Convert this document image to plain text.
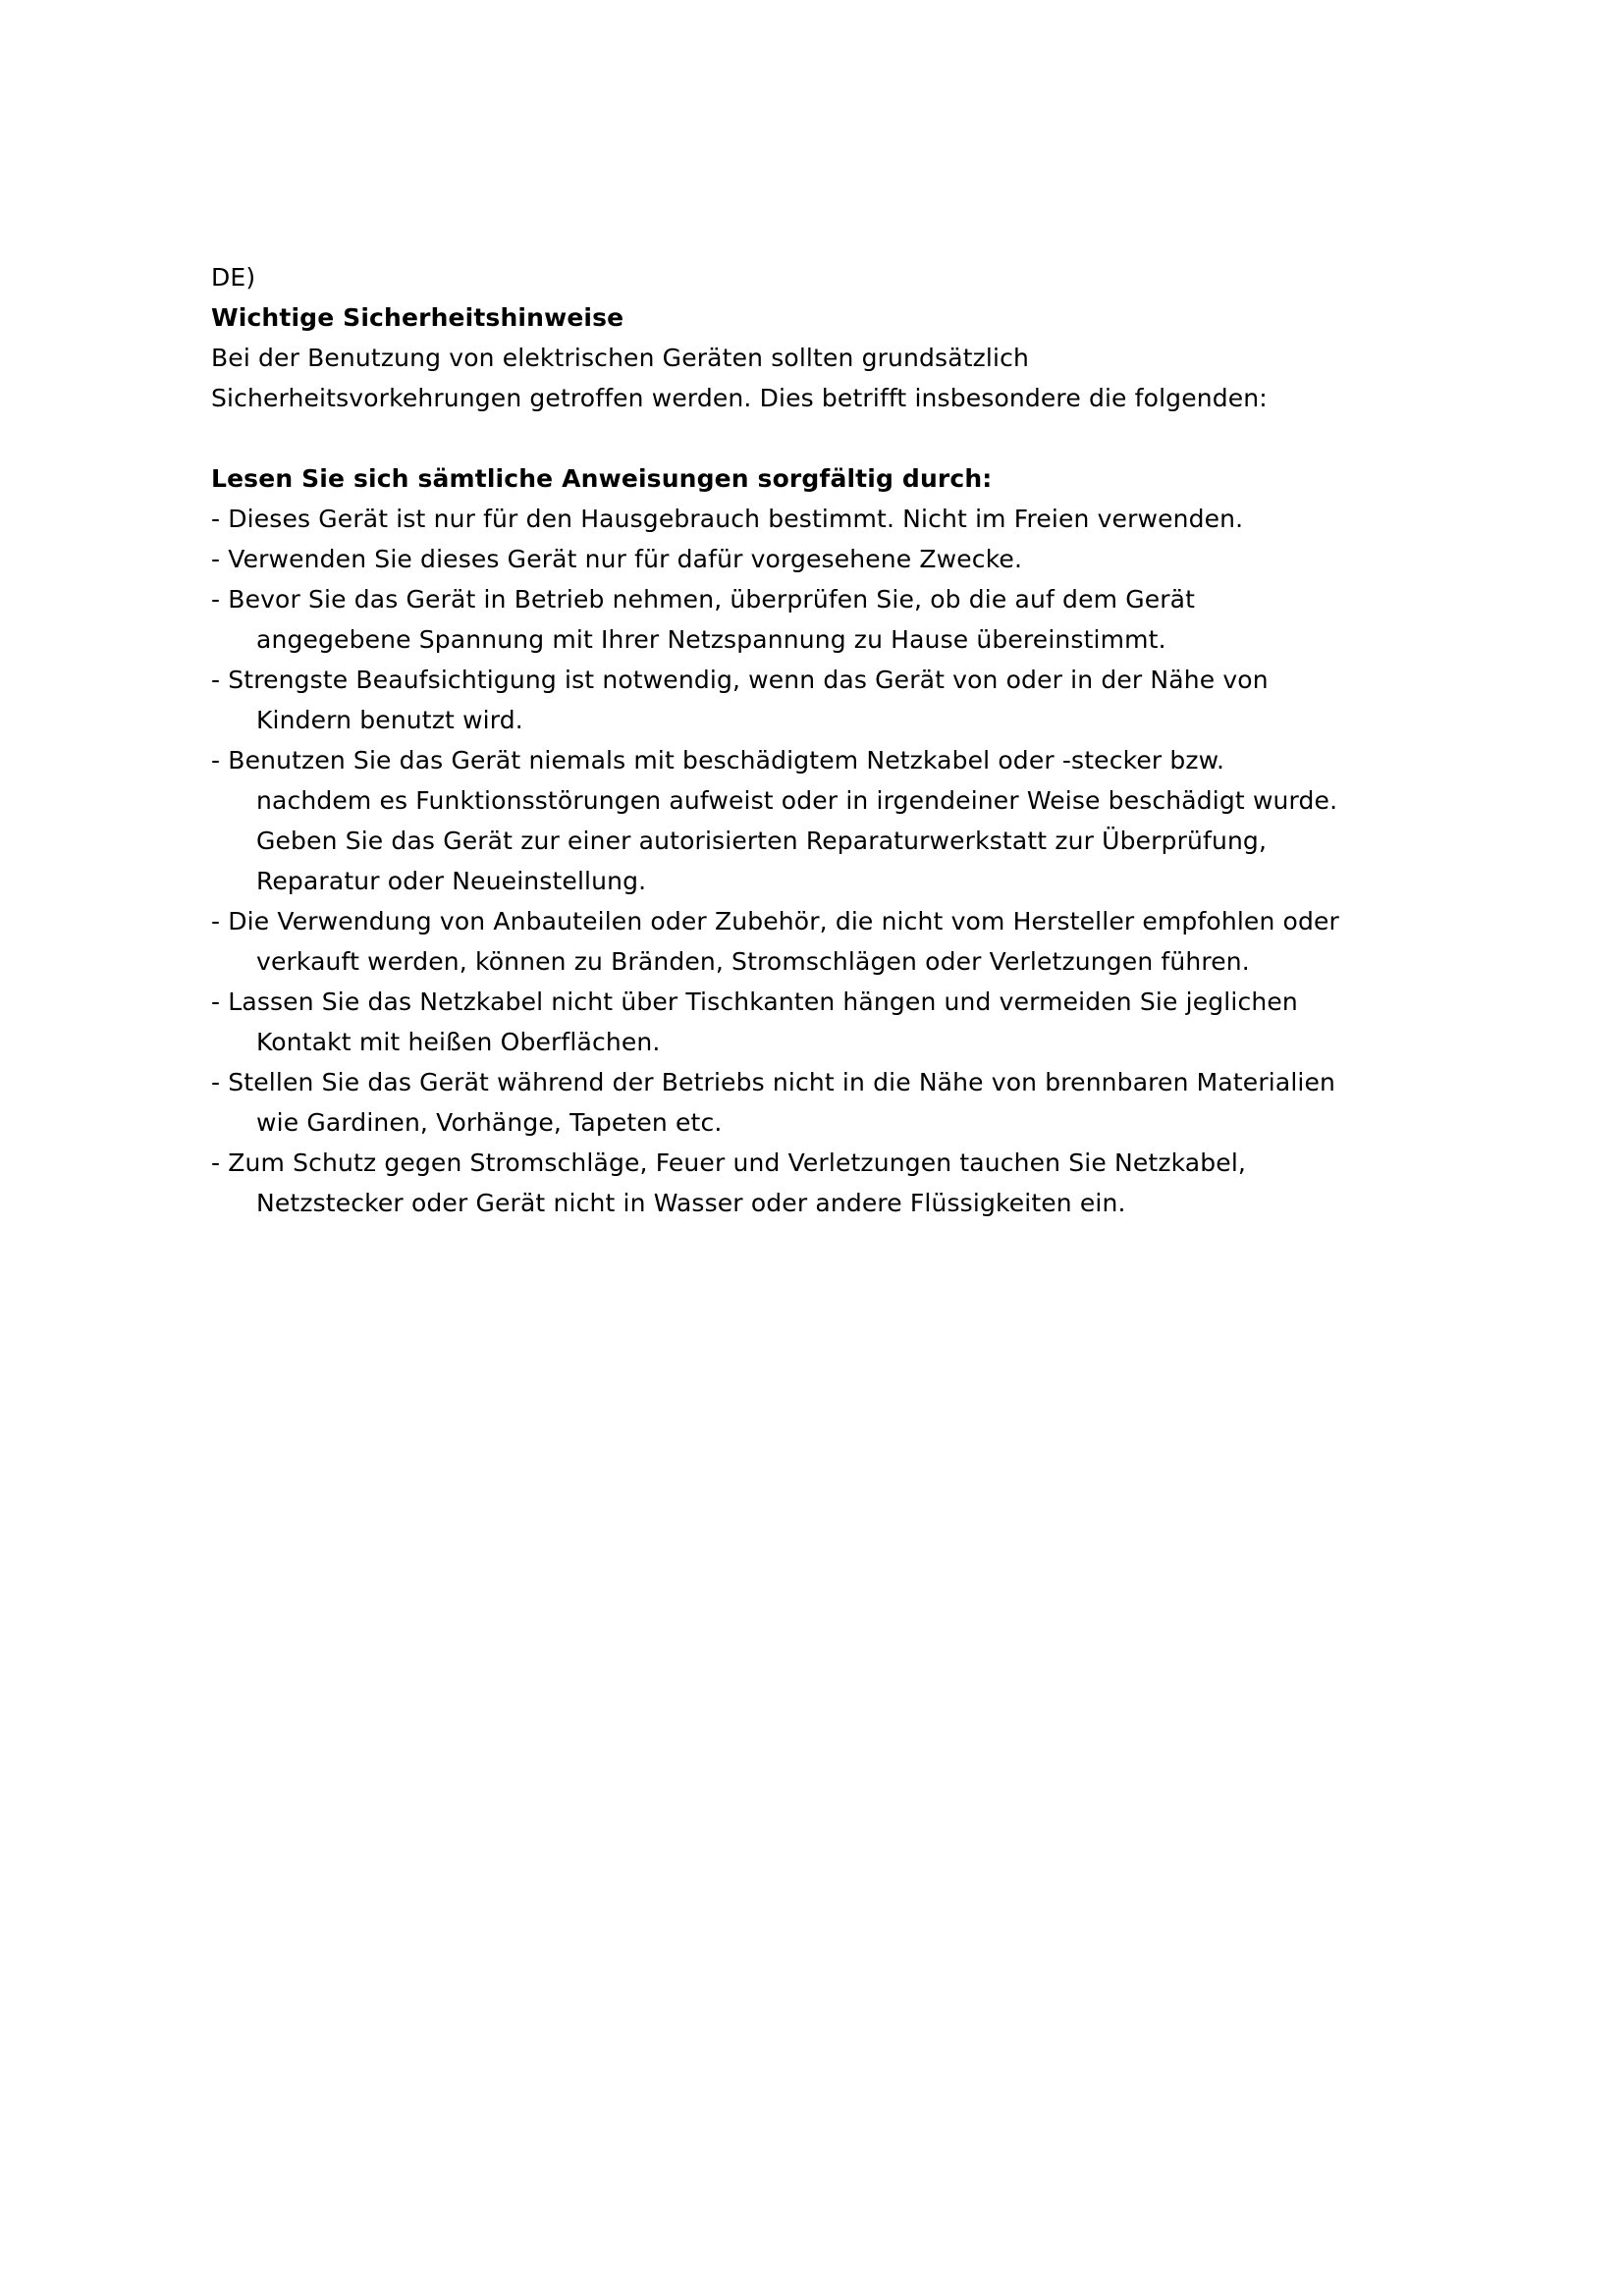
DE)
Wichtige Sicherheitshinweise
Bei der Benutzung von elektrischen Geräten sollten grundsätzlich
Sicherheitsvorkehrungen getroffen werden. Dies betrifft insbesondere die folgenden:
Lesen Sie sich sämtliche Anweisungen sorgfältig durch:
- Dieses Gerät ist nur für den Hausgebrauch bestimmt. Nicht im Freien verwenden.
- Verwenden Sie dieses Gerät nur für dafür vorgesehene Zwecke.
- Bevor Sie das Gerät in Betrieb nehmen, überprüfen Sie, ob die auf dem Gerät
angegebene Spannung mit Ihrer Netzspannung zu Hause übereinstimmt.
- Strengste Beaufsichtigung ist notwendig, wenn das Gerät von oder in der Nähe von
Kindern benutzt wird.
- Benutzen Sie das Gerät niemals mit beschädigtem Netzkabel oder -stecker bzw.
nachdem es Funktionsstörungen aufweist oder in irgendeiner Weise beschädigt wurde.
Geben Sie das Gerät zur einer autorisierten Reparaturwerkstatt zur Überprüfung,
Reparatur oder Neueinstellung.
- Die Verwendung von Anbauteilen oder Zubehör, die nicht vom Hersteller empfohlen oder
verkauft werden, können zu Bränden, Stromschlägen oder Verletzungen führen.
- Lassen Sie das Netzkabel nicht über Tischkanten hängen und vermeiden Sie jeglichen
Kontakt mit heißen Oberflächen.
- Stellen Sie das Gerät während der Betriebs nicht in die Nähe von brennbaren Materialien
wie Gardinen, Vorhänge, Tapeten etc.
- Zum Schutz gegen Stromschläge, Feuer und Verletzungen tauchen Sie Netzkabel,
Netzstecker oder Gerät nicht in Wasser oder andere Flüssigkeiten ein.
